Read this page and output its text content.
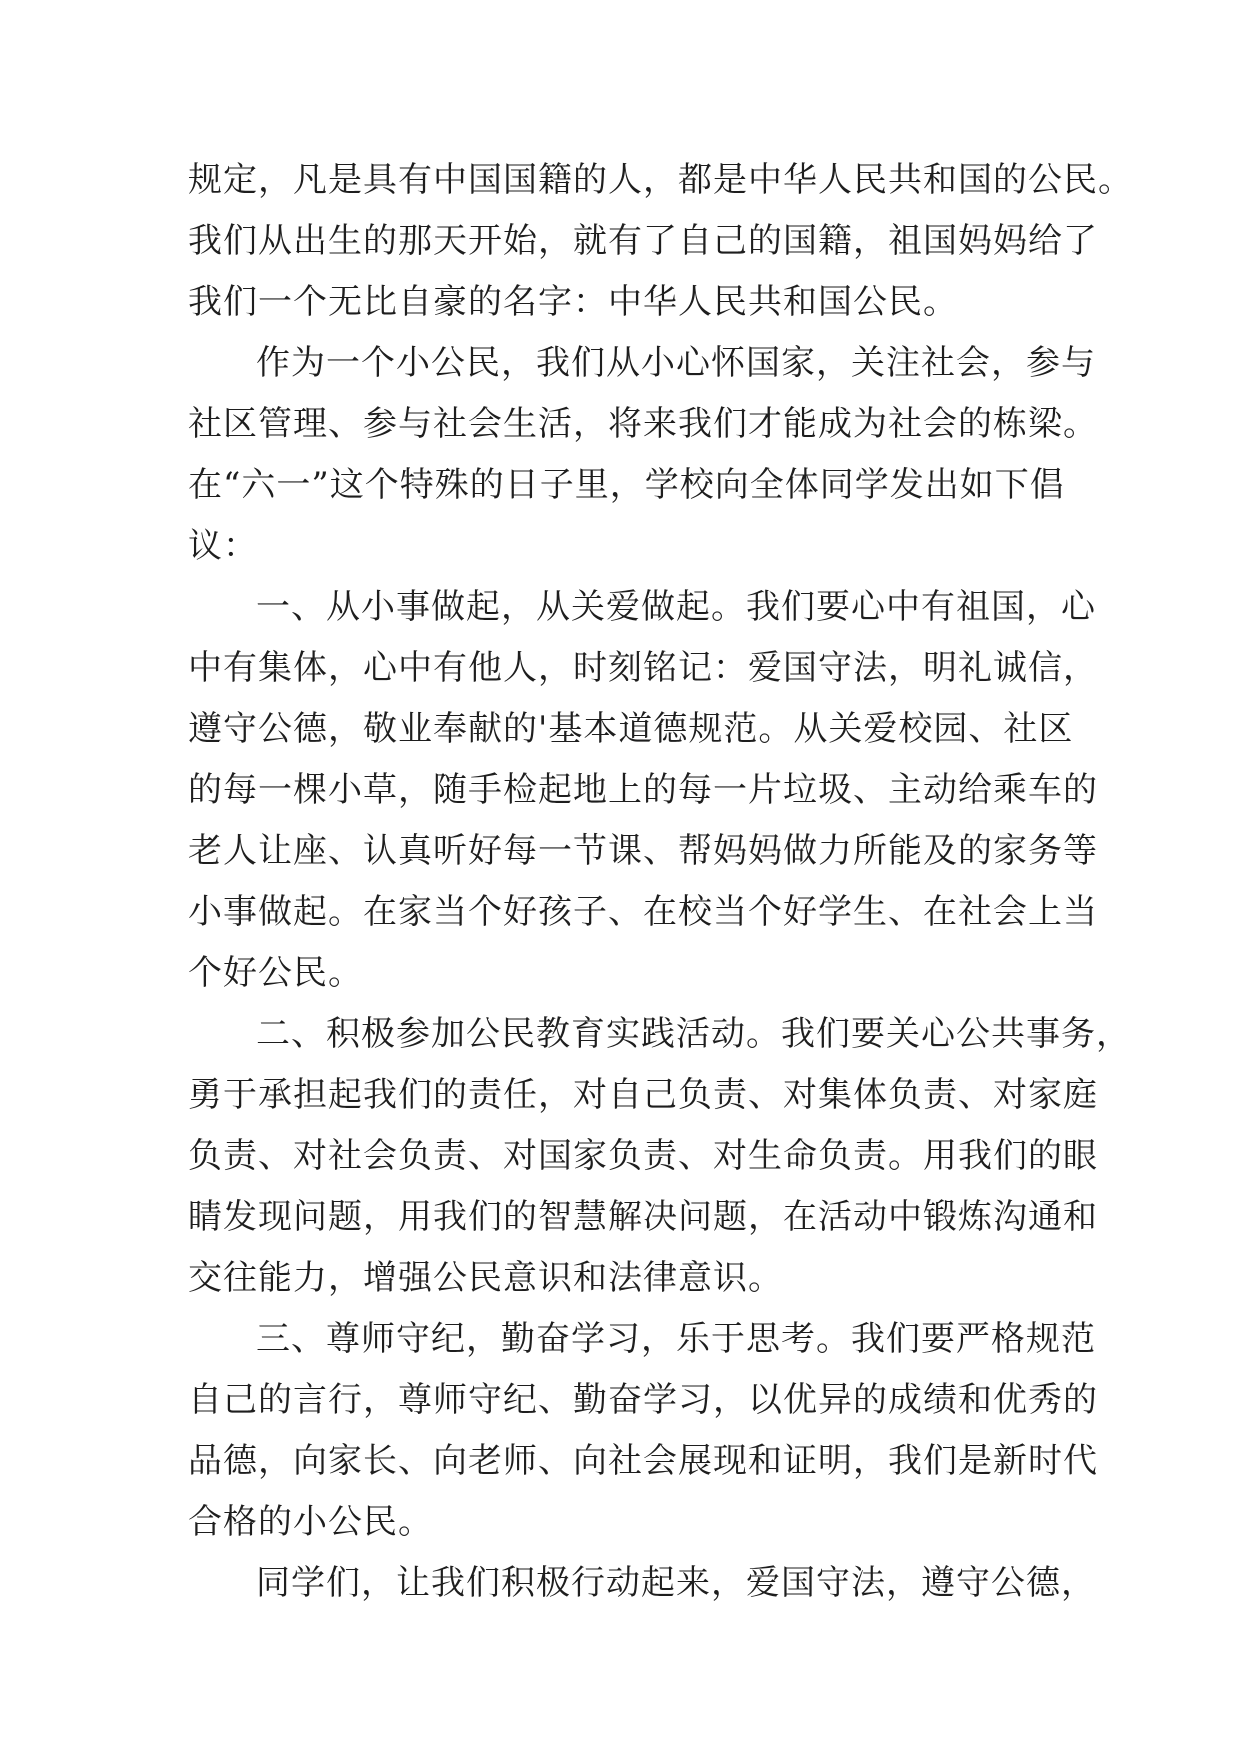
规定，凡是具有中国国籍的人，都是中华人民共和国的公民。
我们从出生的那天开始，就有了自己的国籍，祖国妈妈给了
我们一个无比自豪的名字：中华人民共和国公民。
作为一个小公民，我们从小心怀国家，关注社会，参与
社区管理、参与社会生活，将来我们才能成为社会的栋梁。
在“六一”这个特殊的日子里，学校向全体同学发出如下倡
议：
一、从小事做起，从关爱做起。我们要心中有祖国，心
中有集体，心中有他人，时刻铭记：爱国守法，明礼诚信，
遵守公德，敬业奉献的'基本道德规范。从关爱校园、社区
的每一棵小草，随手检起地上的每一片垃圾、主动给乘车的
老人让座、认真听好每一节课、帮妈妈做力所能及的家务等
小事做起。在家当个好孩子、在校当个好学生、在社会上当
个好公民。
二、积极参加公民教育实践活动。我们要关心公共事务，
勇于承担起我们的责任，对自己负责、对集体负责、对家庭
负责、对社会负责、对国家负责、对生命负责。用我们的眼
睛发现问题，用我们的智慧解决问题，在活动中锻炼沟通和
交往能力，增强公民意识和法律意识。
三、尊师守纪，勤奋学习，乐于思考。我们要严格规范
自己的言行，尊师守纪、勤奋学习，以优异的成绩和优秀的
品德，向家长、向老师、向社会展现和证明，我们是新时代
合格的小公民。
同学们，让我们积极行动起来，爱国守法，遵守公德，
